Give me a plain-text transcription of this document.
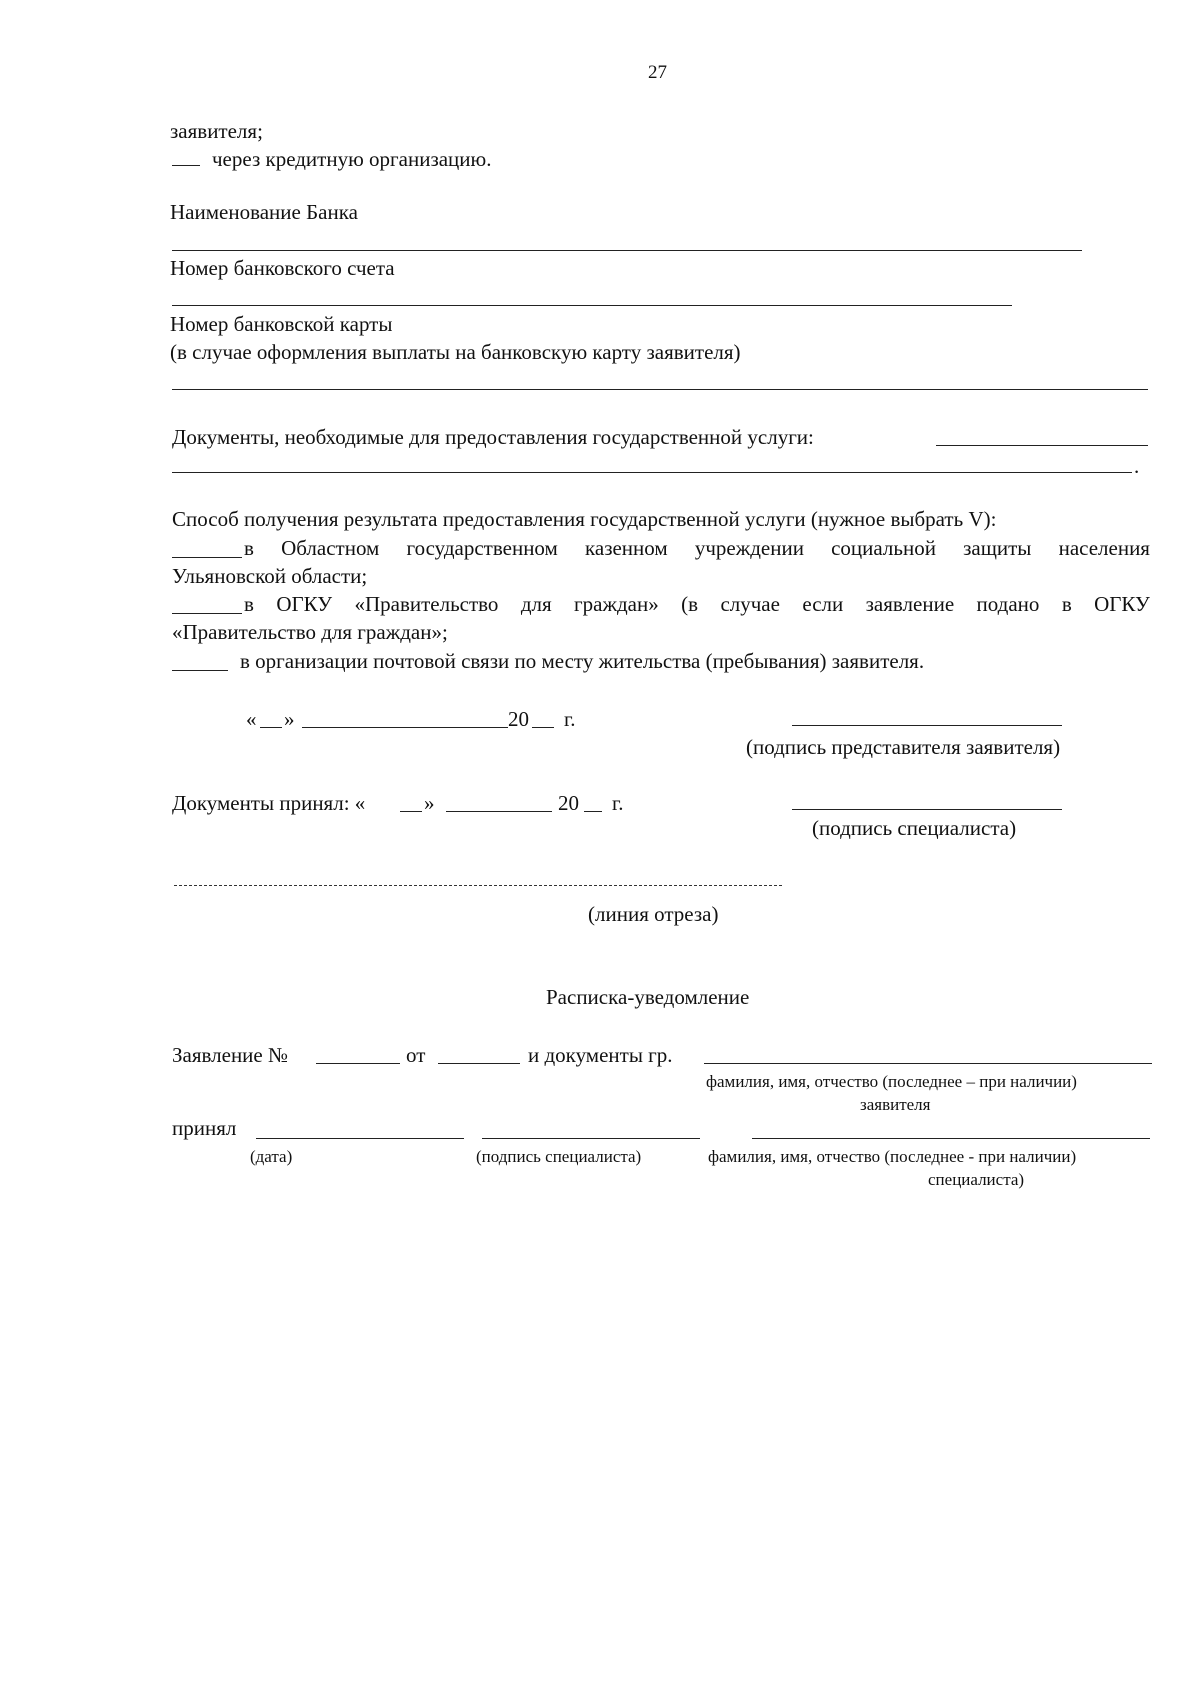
27
заявителя;
через кредитную организацию.
Наименование Банка
Номер банковского счета
Номер банковской карты
(в случае оформления выплаты на банковскую карту заявителя)
Документы, необходимые для предоставления государственной услуги:
.
Способ получения результата предоставления государственной услуги (нужное выбрать V):
в Областном государственном казенном учреждении социальной защиты населения
Ульяновской области;
в ОГКУ «Правительство для граждан» (в случае если заявление подано в ОГКУ
«Правительство для граждан»;
в организации почтовой связи по месту жительства (пребывания) заявителя.
« »	20 г.
(подпись представителя заявителя)
Документы принял: «	»	20 г.
(подпись специалиста)
(линия отреза)
Расписка-уведомление
Заявление №	от	и документы гр.
фамилия, имя, отчество (последнее – при наличии)
заявителя
принял
(дата)	(подпись специалиста)	фамилия, имя, отчество (последнее - при наличии)
специалиста)
